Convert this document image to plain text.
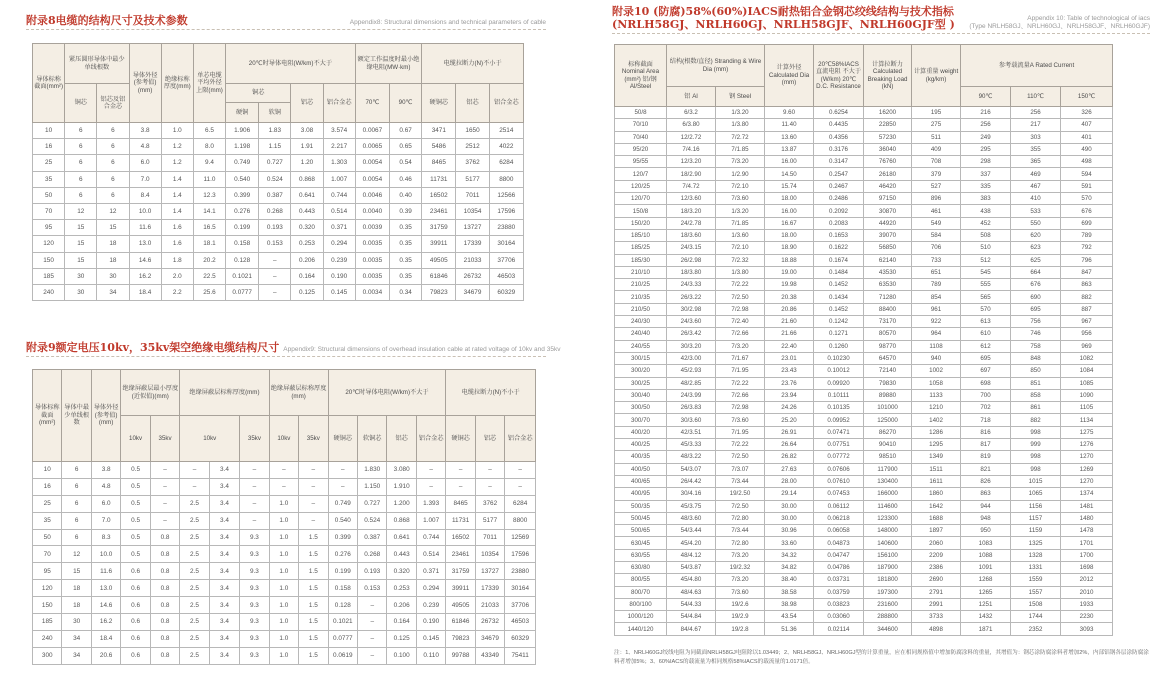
附录8电缆的结构尺寸及技术参数	Appendix8: Structural dimensions and technical parameters of cable
导体标称截面(mm²)	紧压圆形导体中最少单线根数		导体外径(参考值)(mm)	绝缘标称厚度(mm)	单芯电缆平均外径上限(mm)	20℃时导体电阻(W/km)不大于				额定工作温度时最小绝缘电阻(MW·km)		电缆拉断力(N)不小于		
	铜芯	铝芯及铝合金芯				铜芯		铝芯	铝合金芯	70℃	90℃	硬铜芯	铝芯	铝合金芯
						硬铜	软铜							
10	6	6	3.8	1.0	6.5	1.906	1.83	3.08	3.574	0.0067	0.67	3471	1650	2514
16	6	6	4.8	1.2	8.0	1.198	1.15	1.91	2.217	0.0065	0.65	5486	2512	4022
25	6	6	6.0	1.2	9.4	0.749	0.727	1.20	1.303	0.0054	0.54	8465	3762	6284
35	6	6	7.0	1.4	11.0	0.540	0.524	0.868	1.007	0.0054	0.46	11731	5177	8800
50	6	6	8.4	1.4	12.3	0.399	0.387	0.641	0.744	0.0046	0.40	16502	7011	12566
70	12	12	10.0	1.4	14.1	0.276	0.268	0.443	0.514	0.0040	0.39	23461	10354	17596
95	15	15	11.6	1.6	16.5	0.199	0.193	0.320	0.371	0.0039	0.35	31759	13727	23880
120	15	18	13.0	1.6	18.1	0.158	0.153	0.253	0.294	0.0035	0.35	39911	17339	30164
150	15	18	14.6	1.8	20.2	0.128	–	0.206	0.239	0.0035	0.35	49505	21033	37706
185	30	30	16.2	2.0	22.5	0.1021	–	0.164	0.190	0.0035	0.35	61846	26732	46503
240	30	34	18.4	2.2	25.6	0.0777	–	0.125	0.145	0.0034	0.34	79823	34679	60329
附录9额定电压10kv，35kv架空绝缘电缆结构尺寸 Appendix9: Structural dimensions of overhead insulation cable at rated voltage of 10kv and 35kv
导体标称截面(mm²)	导体中最少单线根数	导体外径(参考值)(mm)	绝缘屏蔽层最小厚度(近似值)(mm)		绝缘屏蔽层标称厚度(mm)			绝缘屏蔽层标称厚度(mm)		20℃时导体电阻(W/km)不大于				电缆拉断力(N)不小于		
			10kv	35kv	10kv		35kv	10kv	35kv	硬铜芯	软铜芯	铝芯	铝合金芯	硬铜芯	铝芯	铝合金芯
10	6	3.8	0.5	–	–	3.4	–	–	–	–	1.830	3.080	–	–	–	–
16	6	4.8	0.5	–	–	3.4	–	–	–	–	1.150	1.910	–	–	–	–
25	6	6.0	0.5	–	2.5	3.4	–	1.0	–	0.749	0.727	1.200	1.393	8465	3762	6284
35	6	7.0	0.5	–	2.5	3.4	–	1.0	–	0.540	0.524	0.868	1.007	11731	5177	8800
50	6	8.3	0.5	0.8	2.5	3.4	9.3	1.0	1.5	0.399	0.387	0.641	0.744	16502	7011	12569
70	12	10.0	0.5	0.8	2.5	3.4	9.3	1.0	1.5	0.276	0.268	0.443	0.514	23461	10354	17596
95	15	11.6	0.6	0.8	2.5	3.4	9.3	1.0	1.5	0.199	0.193	0.320	0.371	31759	13727	23880
120	18	13.0	0.6	0.8	2.5	3.4	9.3	1.0	1.5	0.158	0.153	0.253	0.294	39911	17339	30164
150	18	14.6	0.6	0.8	2.5	3.4	9.3	1.0	1.5	0.128	–	0.206	0.239	49505	21033	37706
185	30	16.2	0.6	0.8	2.5	3.4	9.3	1.0	1.5	0.1021	–	0.164	0.190	61846	26732	46503
240	34	18.4	0.6	0.8	2.5	3.4	9.3	1.0	1.5	0.0777	–	0.125	0.145	79823	34679	60329
300	34	20.6	0.6	0.8	2.5	3.4	9.3	1.0	1.5	0.0619	–	0.100	0.110	99788	43349	75411
附录10 (防腐)58%(60%)IACS耐热铝合金钢芯绞线结构与技术指标
(NRLH58GJ、NRLH60GJ、NRLH58GJF、NRLH60GJF型 )	Appendix 10: Table of technological of iacs
(Type NRLH58GJ、NRLH60GJ、NRLH58GJF、NRLH60GJF)
标称截面 Nominal Area (mm²) 铝/钢 Al/Steel	结构(根数/直径) Stranding & Wire Dia (mm)		计算外径 Calculated Dia (mm)	20℃58%IACS 直流电阻 不大于(W/km) 20℃ D.C. Resistance	计算拉断力 Calculated Breaking Load (kN)	计算重量 weight (kg/km)	参考载流量A Rated Current		
	铝 Al	钢 Steel					90℃	110℃	150℃
50/8	6/3.2	1/3.20	9.60	0.6254	16200	195	216	256	326
70/10	6/3.80	1/3.80	11.40	0.4435	22850	275	256	217	407
70/40	12/2.72	7/2.72	13.60	0.4356	57230	511	249	303	401
95/20	7/4.16	7/1.85	13.87	0.3176	36040	409	295	355	490
95/55	12/3.20	7/3.20	16.00	0.3147	76760	708	298	365	498
120/7	18/2.90	1/2.90	14.50	0.2547	26180	379	337	469	594
120/25	7/4.72	7/2.10	15.74	0.2467	46420	527	335	467	591
120/70	12/3.60	7/3.60	18.00	0.2486	97150	896	383	410	570
150/8	18/3.20	1/3.20	16.00	0.2092	30870	461	438	533	676
150/20	24/2.78	7/1.85	16.67	0.2083	44920	549	452	550	699
185/10	18/3.60	1/3.60	18.00	0.1653	39070	584	508	620	789
185/25	24/3.15	7/2.10	18.90	0.1622	56850	706	510	623	792
185/30	26/2.98	7/2.32	18.88	0.1674	62140	733	512	625	796
210/10	18/3.80	1/3.80	19.00	0.1484	43530	651	545	664	847
210/25	24/3.33	7/2.22	19.98	0.1452	63530	789	555	676	863
210/35	26/3.22	7/2.50	20.38	0.1434	71280	854	565	690	882
210/50	30/2.98	7/2.98	20.86	0.1452	88400	961	570	695	887
240/30	24/3.60	7/2.40	21.60	0.1242	73170	922	613	756	967
240/40	26/3.42	7/2.66	21.66	0.1271	80570	964	610	746	956
240/55	30/3.20	7/3.20	22.40	0.1260	98770	1108	612	758	969
300/15	42/3.00	7/1.67	23.01	0.10230	64570	940	695	848	1082
300/20	45/2.93	7/1.95	23.43	0.10012	72140	1002	697	850	1084
300/25	48/2.85	7/2.22	23.76	0.09920	79830	1058	698	851	1085
300/40	24/3.99	7/2.66	23.94	0.10111	89880	1133	700	858	1090
300/50	26/3.83	7/2.98	24.26	0.10135	101000	1210	702	861	1105
300/70	30/3.60	7/3.60	25.20	0.09952	125000	1402	718	882	1134
400/20	42/3.51	7/1.95	26.91	0.07471	86270	1286	816	998	1275
400/25	45/3.33	7/2.22	26.64	0.07751	90410	1295	817	999	1276
400/35	48/3.22	7/2.50	26.82	0.07772	98510	1349	819	998	1270
400/50	54/3.07	7/3.07	27.63	0.07606	117900	1511	821	998	1269
400/65	26/4.42	7/3.44	28.00	0.07610	130400	1611	826	1015	1270
400/95	30/4.16	19/2.50	29.14	0.07453	166000	1860	863	1065	1374
500/35	45/3.75	7/2.50	30.00	0.06112	114600	1642	944	1156	1481
500/45	48/3.60	7/2.80	30.00	0.06218	123300	1688	948	1157	1480
500/65	54/3.44	7/3.44	30.96	0.06058	148000	1897	950	1159	1478
630/45	45/4.20	7/2.80	33.60	0.04873	140600	2060	1083	1325	1701
630/55	48/4.12	7/3.20	34.32	0.04747	156100	2209	1088	1328	1700
630/80	54/3.87	19/2.32	34.82	0.04786	187900	2386	1091	1331	1698
800/55	45/4.80	7/3.20	38.40	0.03731	181800	2690	1268	1559	2012
800/70	48/4.63	7/3.60	38.58	0.03759	197300	2791	1265	1557	2010
800/100	54/4.33	19/2.6	38.98	0.03823	231600	2991	1251	1508	1933
1000/120	54/4.84	19/2.9	43.54	0.03060	288800	3733	1432	1744	2230
1440/120	84/4.67	19/2.8	51.36	0.02114	344600	4898	1871	2352	3093
注：1、NRLH60GJ绞线电阻为同截面NRLH58GJ电阻除以1.03449；2、NRLH58GJ、NRLH60GJ型的计算重量，应在相同规格值中增加防腐涂料的重量，其增值为：钢芯涂防腐涂料者增加2%，内部铝钢各层涂防腐涂料者增加5%；3、60%IACS的载流量为相同规格58%IACS的载流量的1.0171倍。
